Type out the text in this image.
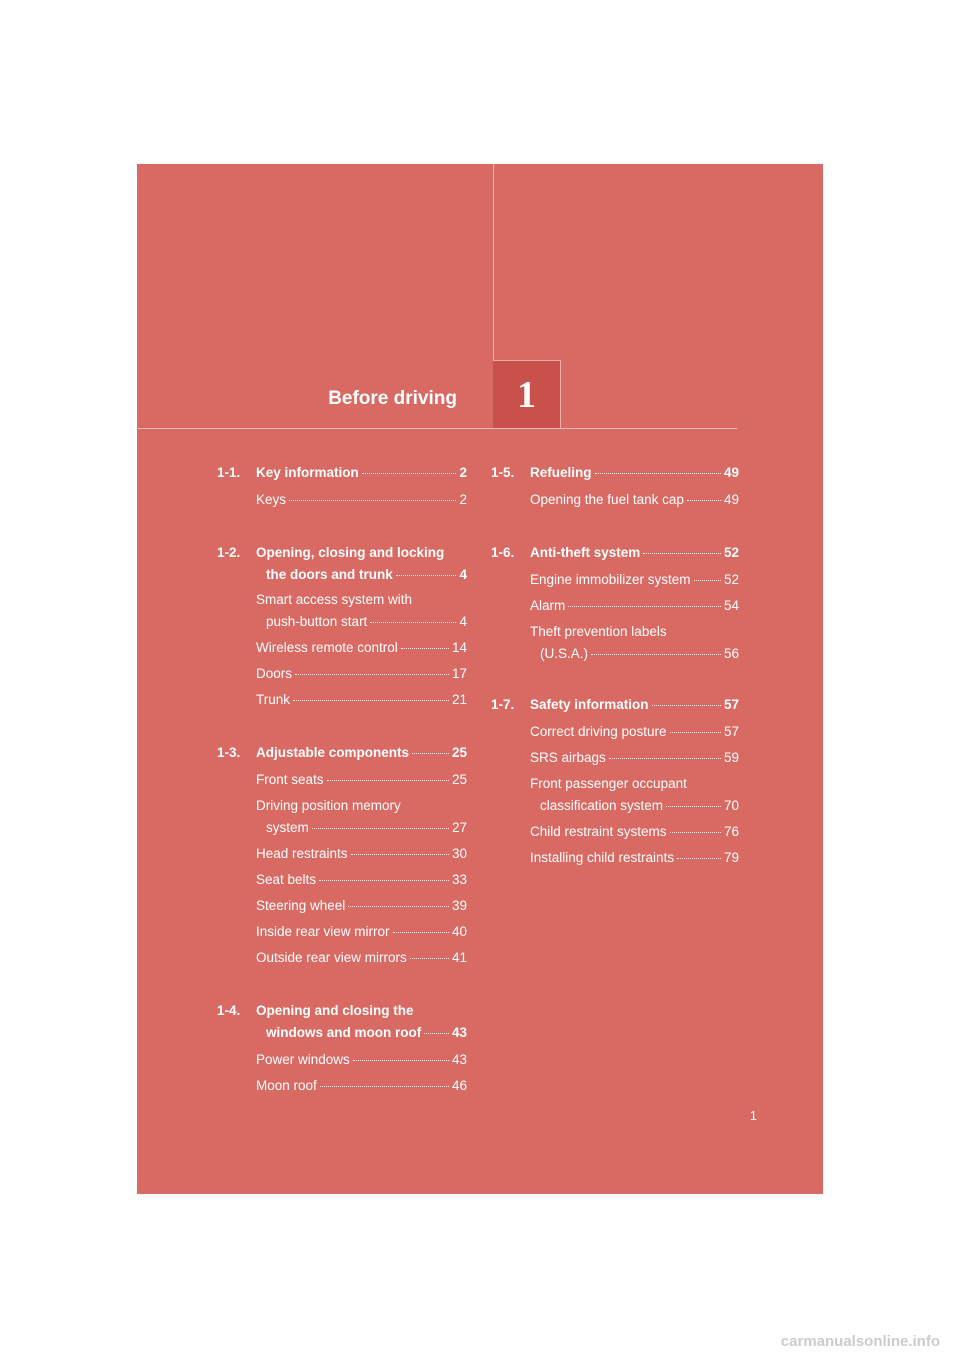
Before driving 1
1-1. Key information	2
Keys	2
1-2. Opening, closing and locking
the doors and trunk	4
Smart access system with
push-button start	4
Wireless remote control	14
Doors	17
Trunk	21
1-3. Adjustable components	25
Front seats	25
Driving position memory
system	27
Head restraints	30
Seat belts	33
Steering wheel	39
Inside rear view mirror	40
Outside rear view mirrors	41
1-4. Opening and closing the
windows and moon roof 43
Power windows	43
Moon roof	46
1-5. Refueling	49
Opening the fuel tank cap	49
1-6. Anti-theft system	52
Engine immobilizer system 52
Alarm	54
Theft prevention labels
(U.S.A.)	56
1-7. Safety information	57
Correct driving posture	57
SRS airbags	59
Front passenger occupant
classification system	70
Child restraint systems	76
Installing child restraints	79
1
carmanualsonline.info
